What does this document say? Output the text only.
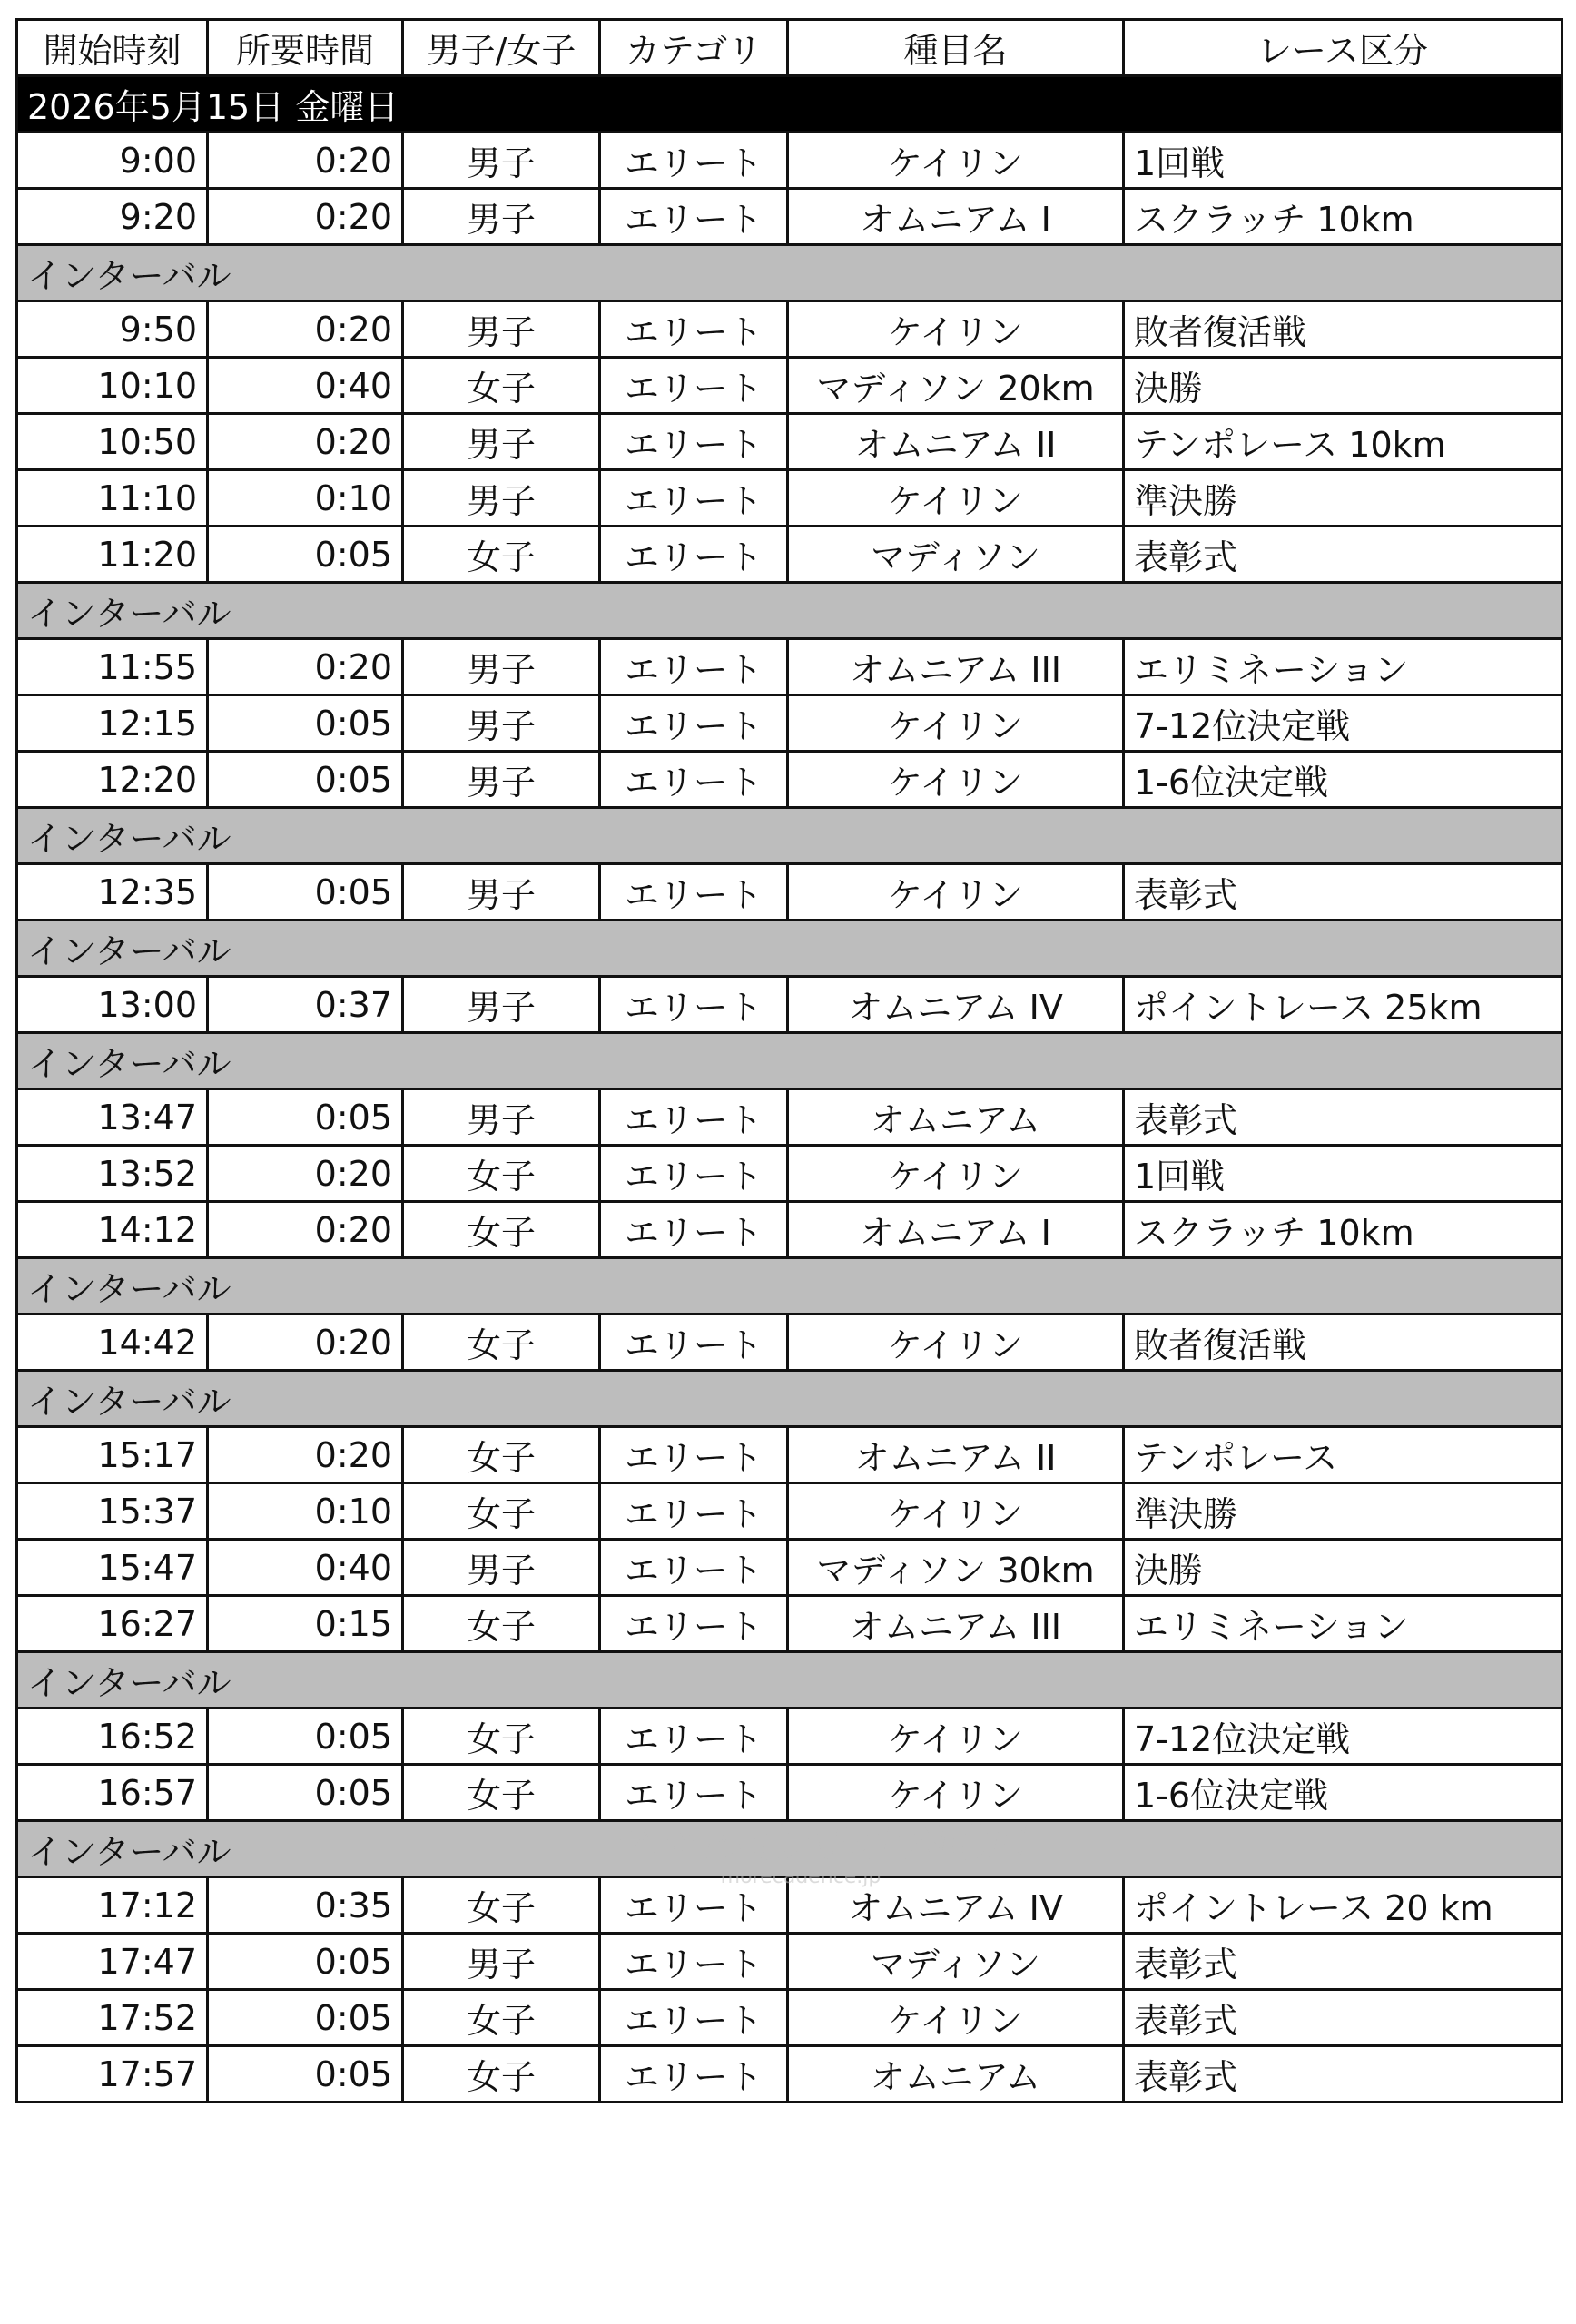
開始時刻	所要時間	男子/女子	カテゴリ	種目名	レース区分
2026年5月15日 金曜日					
9:00	0:20	男子	エリート	ケイリン	1回戦
9:20	0:20	男子	エリート	オムニアム I	スクラッチ 10km
インターバル					
9:50	0:20	男子	エリート	ケイリン	敗者復活戦
10:10	0:40	女子	エリート	マディソン 20km	決勝
10:50	0:20	男子	エリート	オムニアム II	テンポレース 10km
11:10	0:10	男子	エリート	ケイリン	準決勝
11:20	0:05	女子	エリート	マディソン	表彰式
インターバル					
11:55	0:20	男子	エリート	オムニアム III	エリミネーション
12:15	0:05	男子	エリート	ケイリン	7-12位決定戦
12:20	0:05	男子	エリート	ケイリン	1-6位決定戦
インターバル					
12:35	0:05	男子	エリート	ケイリン	表彰式
インターバル					
13:00	0:37	男子	エリート	オムニアム IV	ポイントレース 25km
インターバル					
13:47	0:05	男子	エリート	オムニアム	表彰式
13:52	0:20	女子	エリート	ケイリン	1回戦
14:12	0:20	女子	エリート	オムニアム I	スクラッチ 10km
インターバル					
14:42	0:20	女子	エリート	ケイリン	敗者復活戦
インターバル					
15:17	0:20	女子	エリート	オムニアム II	テンポレース
15:37	0:10	女子	エリート	ケイリン	準決勝
15:47	0:40	男子	エリート	マディソン 30km	決勝
16:27	0:15	女子	エリート	オムニアム III	エリミネーション
インターバル					
16:52	0:05	女子	エリート	ケイリン	7-12位決定戦
16:57	0:05	女子	エリート	ケイリン	1-6位決定戦
インターバル					
17:12	0:35	女子	エリート	オムニアム IV	ポイントレース 20 km
17:47	0:05	男子	エリート	マディソン	表彰式
17:52	0:05	女子	エリート	ケイリン	表彰式
17:57	0:05	女子	エリート	オムニアム	表彰式
MoreCADENCE
morecadence.jp
